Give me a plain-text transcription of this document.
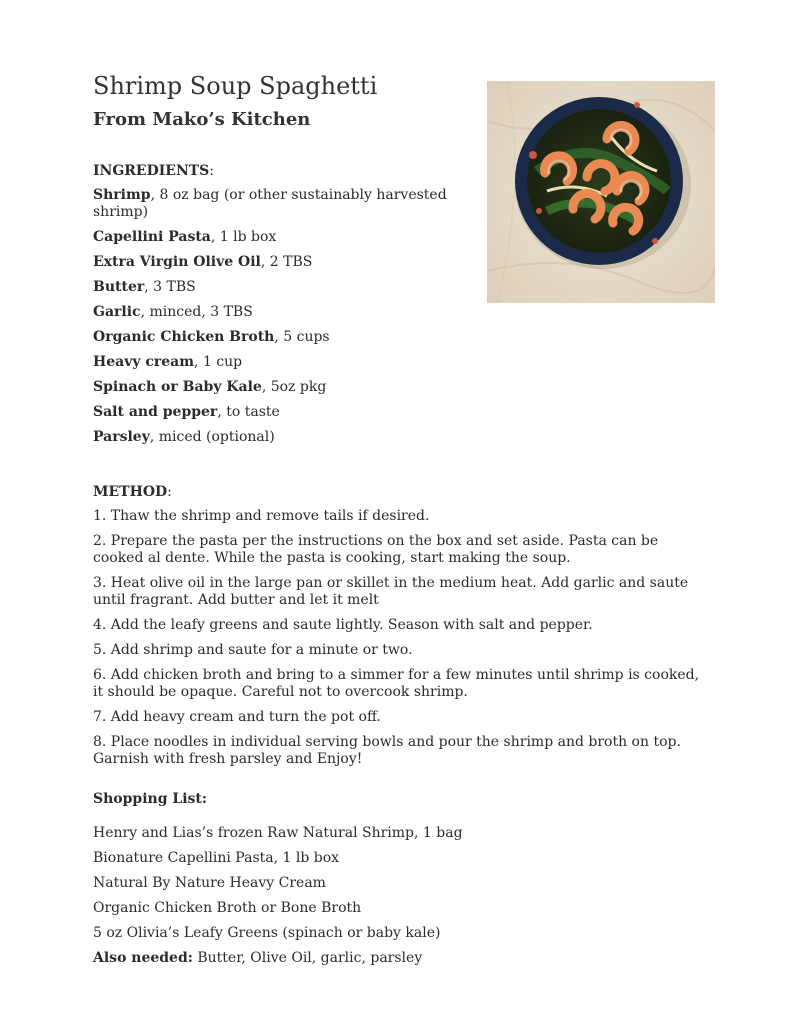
Shrimp Soup Spaghetti
From Mako’s Kitchen

INGREDIENTS:

Shrimp, 8 oz bag (or other sustainably harvested shrimp)

Capellini Pasta, 1 lb box

Extra Virgin Olive Oil, 2 TBS

Butter, 3 TBS

Garlic, minced, 3 TBS

Organic Chicken Broth, 5 cups

Heavy cream, 1 cup

Spinach or Baby Kale, 5oz pkg

Salt and pepper, to taste

Parsley, miced (optional)

METHOD:

1. Thaw the shrimp and remove tails if desired.

2. Prepare the pasta per the instructions on the box and set aside. Pasta can be cooked al dente. While the pasta is cooking, start making the soup.

3. Heat olive oil in the large pan or skillet in the medium heat. Add garlic and saute until fragrant. Add butter and let it melt

4. Add the leafy greens and saute lightly. Season with salt and pepper.

5. Add shrimp and saute for a minute or two.

6. Add chicken broth and bring to a simmer for a few minutes until shrimp is cooked, it should be opaque. Careful not to overcook shrimp.

7. Add heavy cream and turn the pot off.

8. Place noodles in individual serving bowls and pour the shrimp and broth on top. Garnish with fresh parsley and Enjoy!

Shopping List:

Henry and Lias’s frozen Raw Natural Shrimp, 1 bag

Bionature Capellini Pasta, 1 lb box

Natural By Nature Heavy Cream

Organic Chicken Broth or Bone Broth

5 oz Olivia’s Leafy Greens (spinach or baby kale)

Also needed: Butter, Olive Oil, garlic, parsley
